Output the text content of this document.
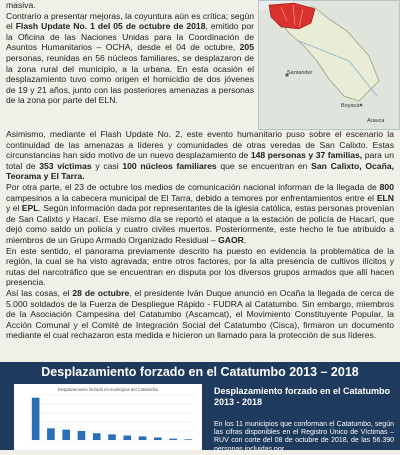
masiva.

Contrario a presentar mejoras, la coyuntura aún es crítica; según el Flash Update No. 1 del 05 de octubre de 2018, emitido por la Oficina de las Naciones Unidas para la Coordinación de Asuntos Humanitarios – OCHA, desde el 04 de octubre, 205 personas, reunidas en 56 núcleos familiares, se desplazaron de la zona rural del municipio, a la urbana. En esta ocasión el desplazamiento tuvo como origen el homicidio de dos jóvenes de 19 y 21 años, junto con las posteriores amenazas a personas de la zona por parte del ELN.

Santander
Boyacá
Arauca

Asimismo, mediante el Flash Update No. 2, este evento humanitario puso sobre el escenario la continuidad de las amenazas a líderes y comunidades de otras veredas de San Calixto. Estas circunstancias han sido motivo de un nuevo desplazamiento de 148 personas y 37 familias, para un total de 353 víctimas y casi 100 núcleos familiares que se encuentran en San Calixto, Ocaña, Teorama y El Tarra.

Por otra parte, el 23 de octubre los medios de comunicación nacional informan de la llegada de 800 campesinos a la cabecera municipal de El Tarra, debido a temores por enfrentamientos entre el ELN y el EPL. Según información dada por representantes de la iglesia católica, estas personas provenían de San Calixto y Hacarí. Ese mismo día se reportó el ataque a la estación de policía de Hacarí, que dejó como saldo un policía y cuatro civiles muertos. Posteriormente, este hecho le fue atribuido a miembros de un Grupo Armado Organizado Residual – GAOR.

En este sentido, el panorama previamente descrito ha puesto en evidencia la problemática de la región, la cual se ha visto agravada; entre otros factores, por la alta presencia de cultivos ilícitos y rutas del narcotráfico que se encuentran en disputa por los diversos grupos armados que allí hacen presencia.

Así las cosas, el 28 de octubre, el presidente Iván Duque anunció en Ocaña la llegada de cerca de 5.000 soldados de la Fuerza de Despliegue Rápido - FUDRA al Catatumbo. Sin embargo, miembros de la Asociación Campesina del Catatumbo (Ascamcat), el Movimiento Constituyente Popular, la Acción Comunal y el Comité de Integración Social del Catatumbo (Cisca), firmaron un documento mediante el cual rechazaron esta medida e hicieron un llamado para la protección de sus líderes.

Desplazamiento forzado en el Catatumbo 2013 – 2018
Desplazamiento forzado en municipios del Catatumbo	Desplazamiento forzado en el Catatumbo 2013 - 2018
En los 11 municipios que conforman el Catatumbo, según las cifras disponibles en el Registro Único de Víctimas – RUV con corte del 08 de octubre de 2018, de las 56.390 personas incluidas por
